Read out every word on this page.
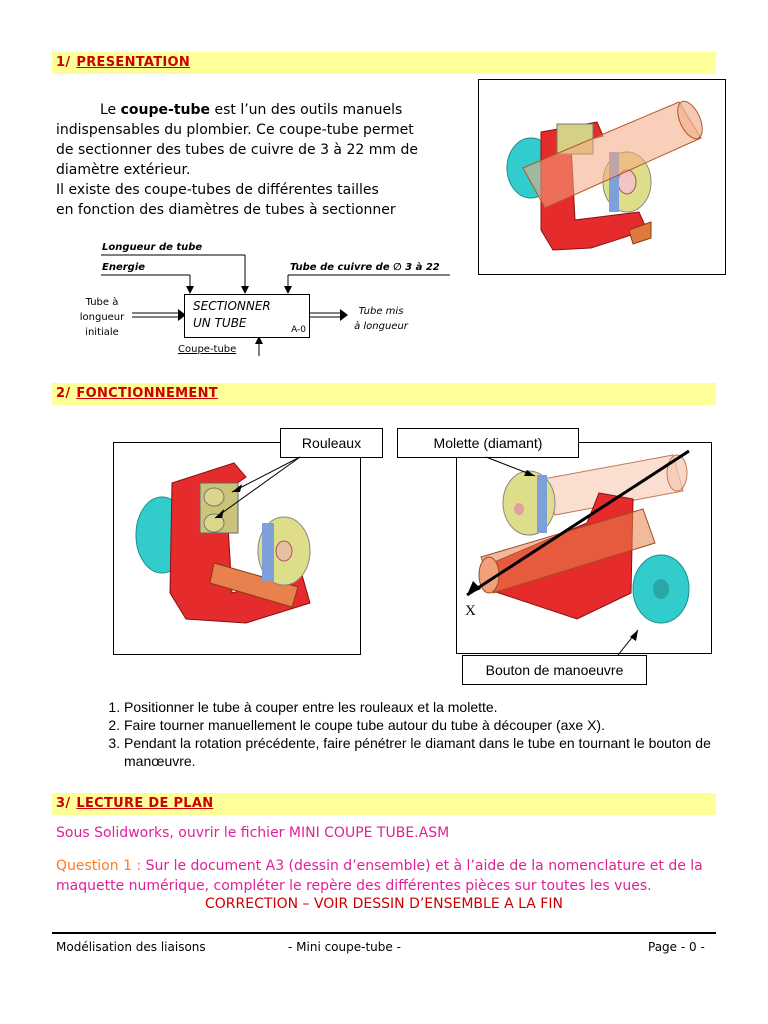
1/ PRESENTATION
Le coupe-tube est l’un des outils manuels
indispensables du plombier. Ce coupe-tube permet
de sectionner des tubes de cuivre de 3 à 22 mm de
diamètre extérieur.
Il existe des coupe-tubes de différentes tailles
en fonction des diamètres de tubes à sectionner
SECTIONNER
UN TUBE	A-0
Longueur de tube
Energie	Tube de cuivre de ∅ 3 à 22
Tube à
longueur
initiale
Tube mis
à longueur
Coupe-tube
2/ FONCTIONNEMENT
X
Rouleaux	Molette (diamant)
Bouton de manoeuvre
1. Positionner le tube à couper entre les rouleaux et la molette.
2. Faire tourner manuellement le coupe tube autour du tube à découper (axe X).
3. Pendant la rotation précédente, faire pénétrer le diamant dans le tube en tournant le bouton de manœuvre.
3/ LECTURE DE PLAN
Sous Solidworks, ouvrir le fichier MINI COUPE TUBE.ASM
Question 1 : Sur le document A3 (dessin d’ensemble) et à l’aide de la nomenclature et de la
maquette numérique, compléter le repère des différentes pièces sur toutes les vues.
CORRECTION – VOIR DESSIN D’ENSEMBLE A LA FIN
Modélisation des liaisons	- Mini coupe-tube -	Page - 0 -
